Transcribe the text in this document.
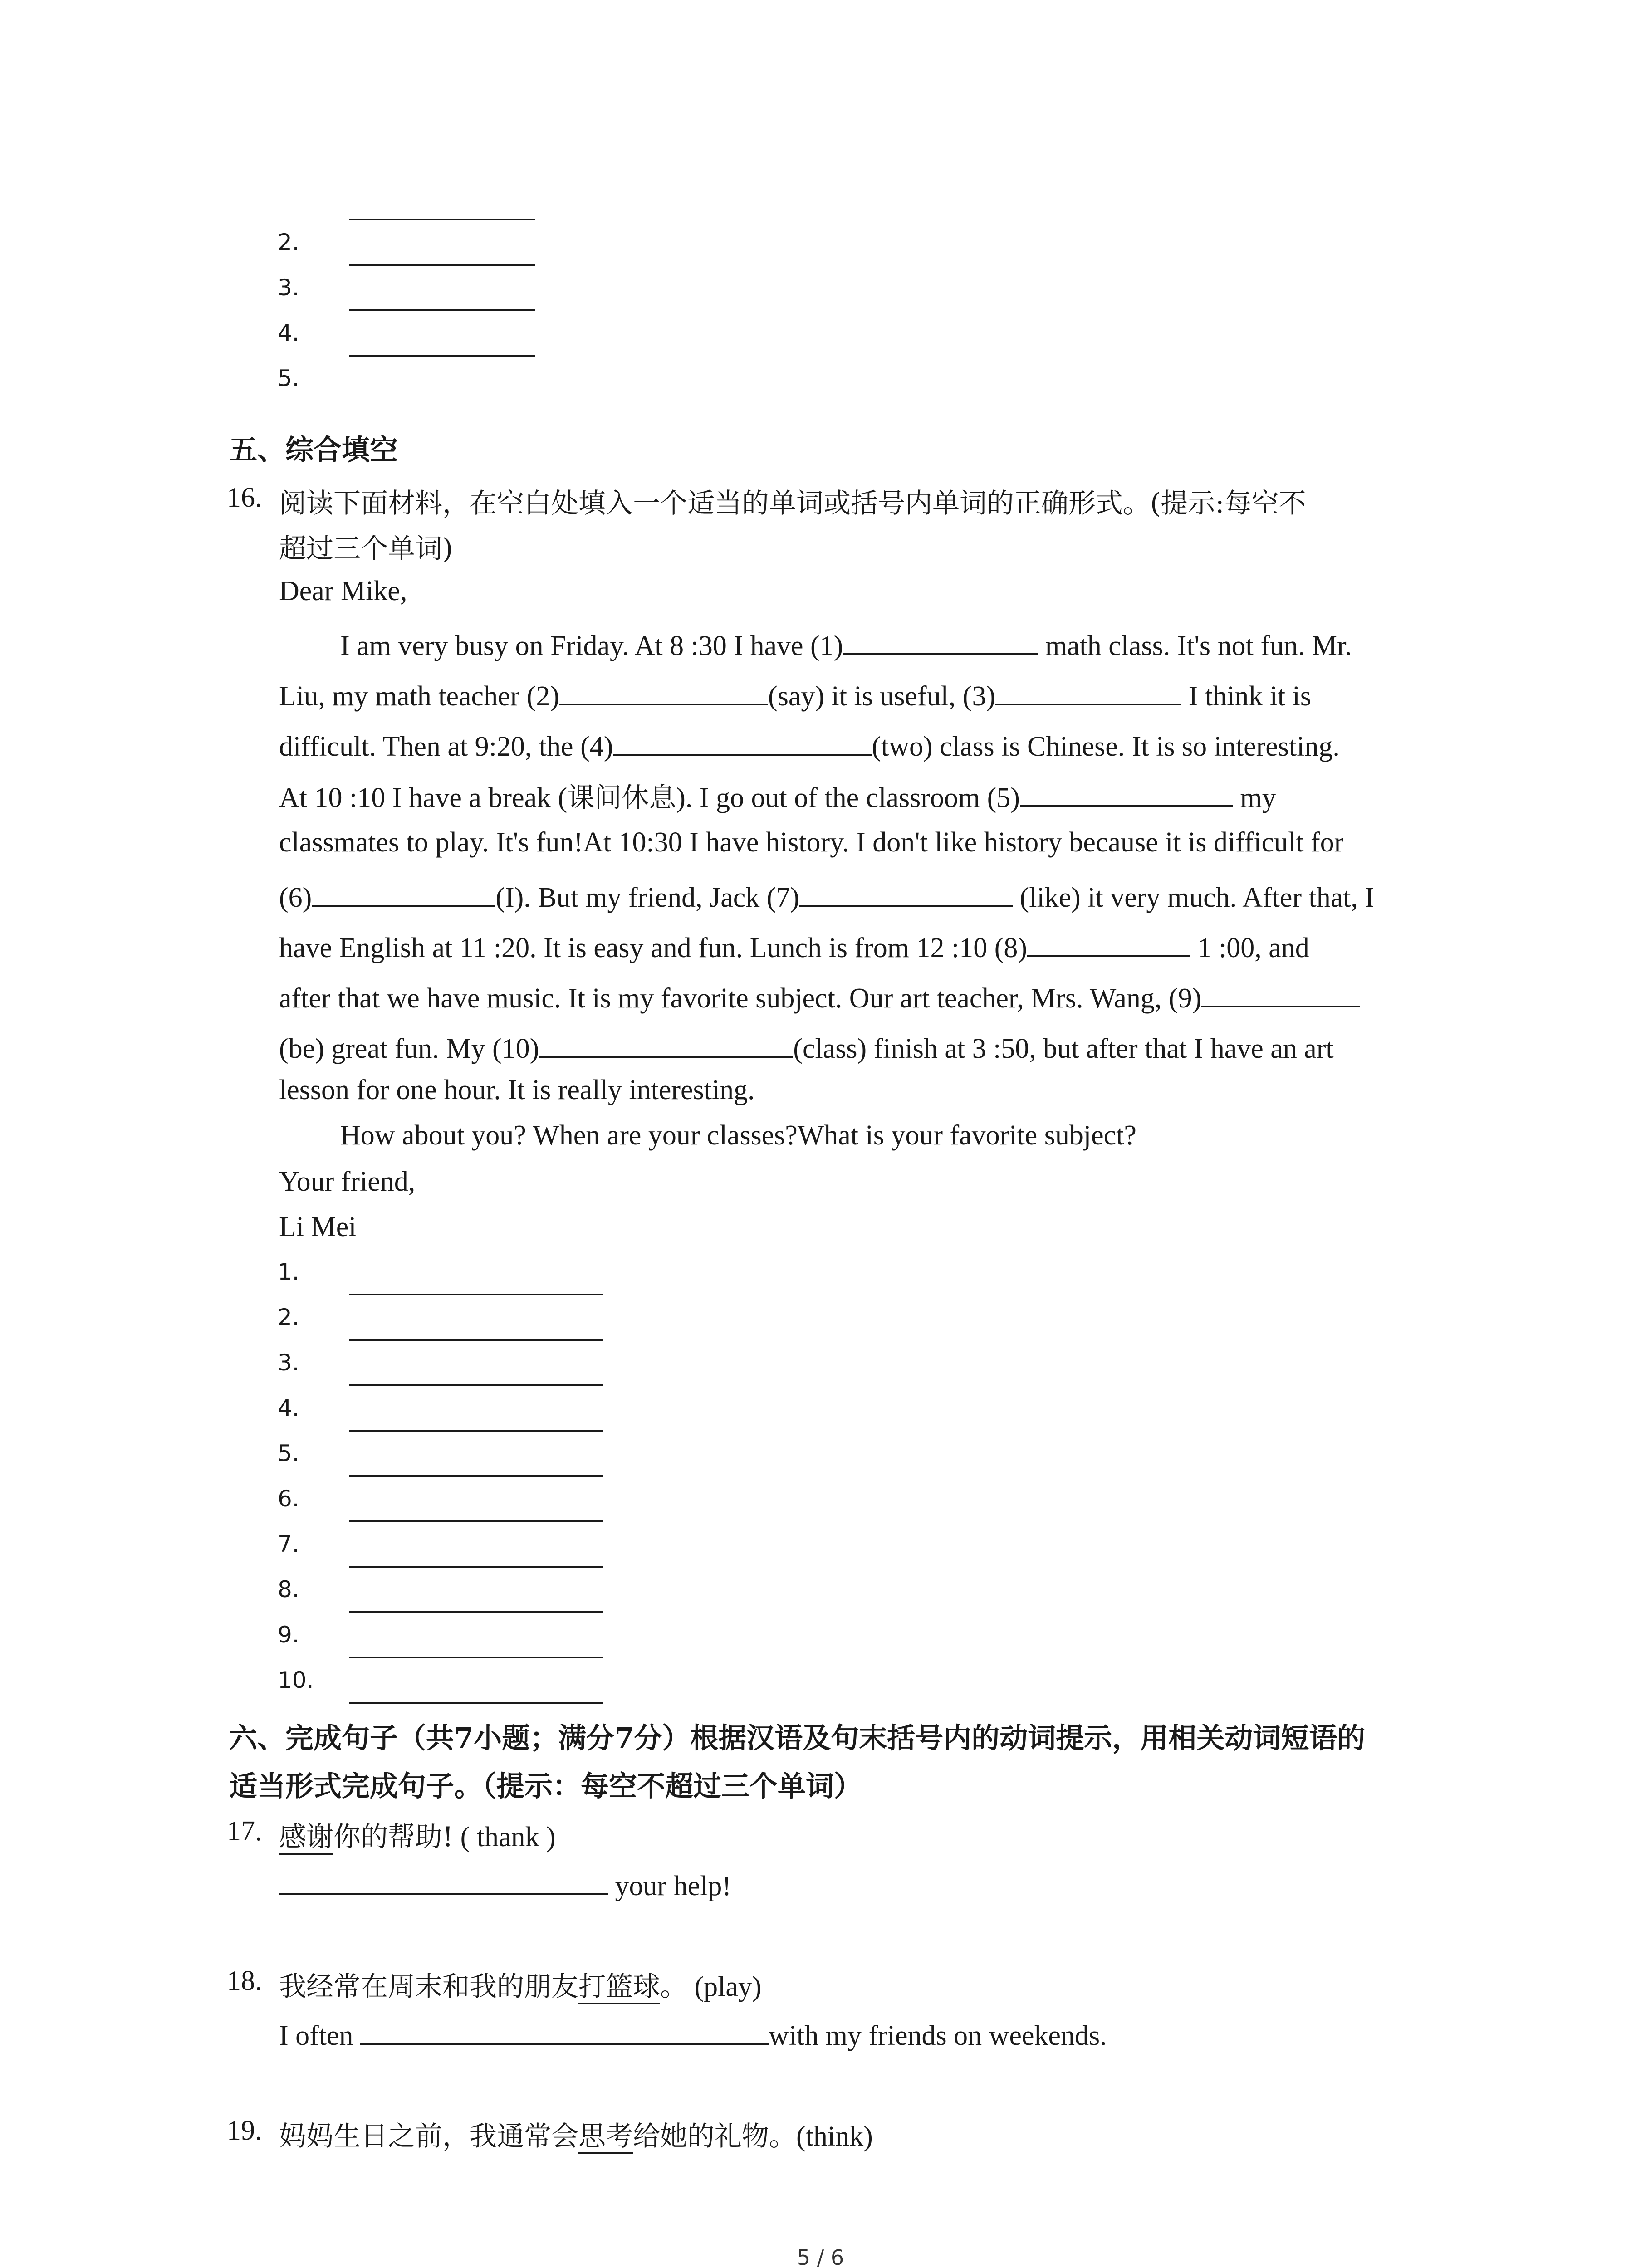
2.
3.
4.
5.
五、综合填空
16. 阅读下面材料，在空白处填入一个适当的单词或括号内单词的正确形式。(提示:每空不
超过三个单词)
Dear Mike,
I am very busy on Friday. At 8 :30 I have (1)	math class. It's not fun. Mr.
Liu, my math teacher (2)	(say) it is useful, (3)	I think it is
difficult. Then at 9:20, the (4)	(two) class is Chinese. It is so interesting.
At 10 :10 I have a break (课间休息). I go out of the classroom (5)	my
classmates to play. It's fun!At 10:30 I have history. I don't like history because it is difficult for
(6)	(I). But my friend, Jack (7)	(like) it very much. After that, I
have English at 11 :20. It is easy and fun. Lunch is from 12 :10 (8)	1 :00, and
after that we have music. It is my favorite subject. Our art teacher, Mrs. Wang, (9)
(be) great fun. My (10)	(class) finish at 3 :50, but after that I have an art
lesson for one hour. It is really interesting.
How about you? When are your classes?What is your favorite subject?
Your friend,
Li Mei
1.
2.
3.
4.
5.
6.
7.
8.
9.
10.
六、完成句子（共7小题；满分7分）根据汉语及句末括号内的动词提示，用相关动词短语的
适当形式完成句子。（提示：每空不超过三个单词）
17. 感谢你的帮助! ( thank )
your help!
18. 我经常在周末和我的朋友打篮球。 (play)
I often	with my friends on weekends.
19. 妈妈生日之前，我通常会思考给她的礼物。(think)
5 / 6
